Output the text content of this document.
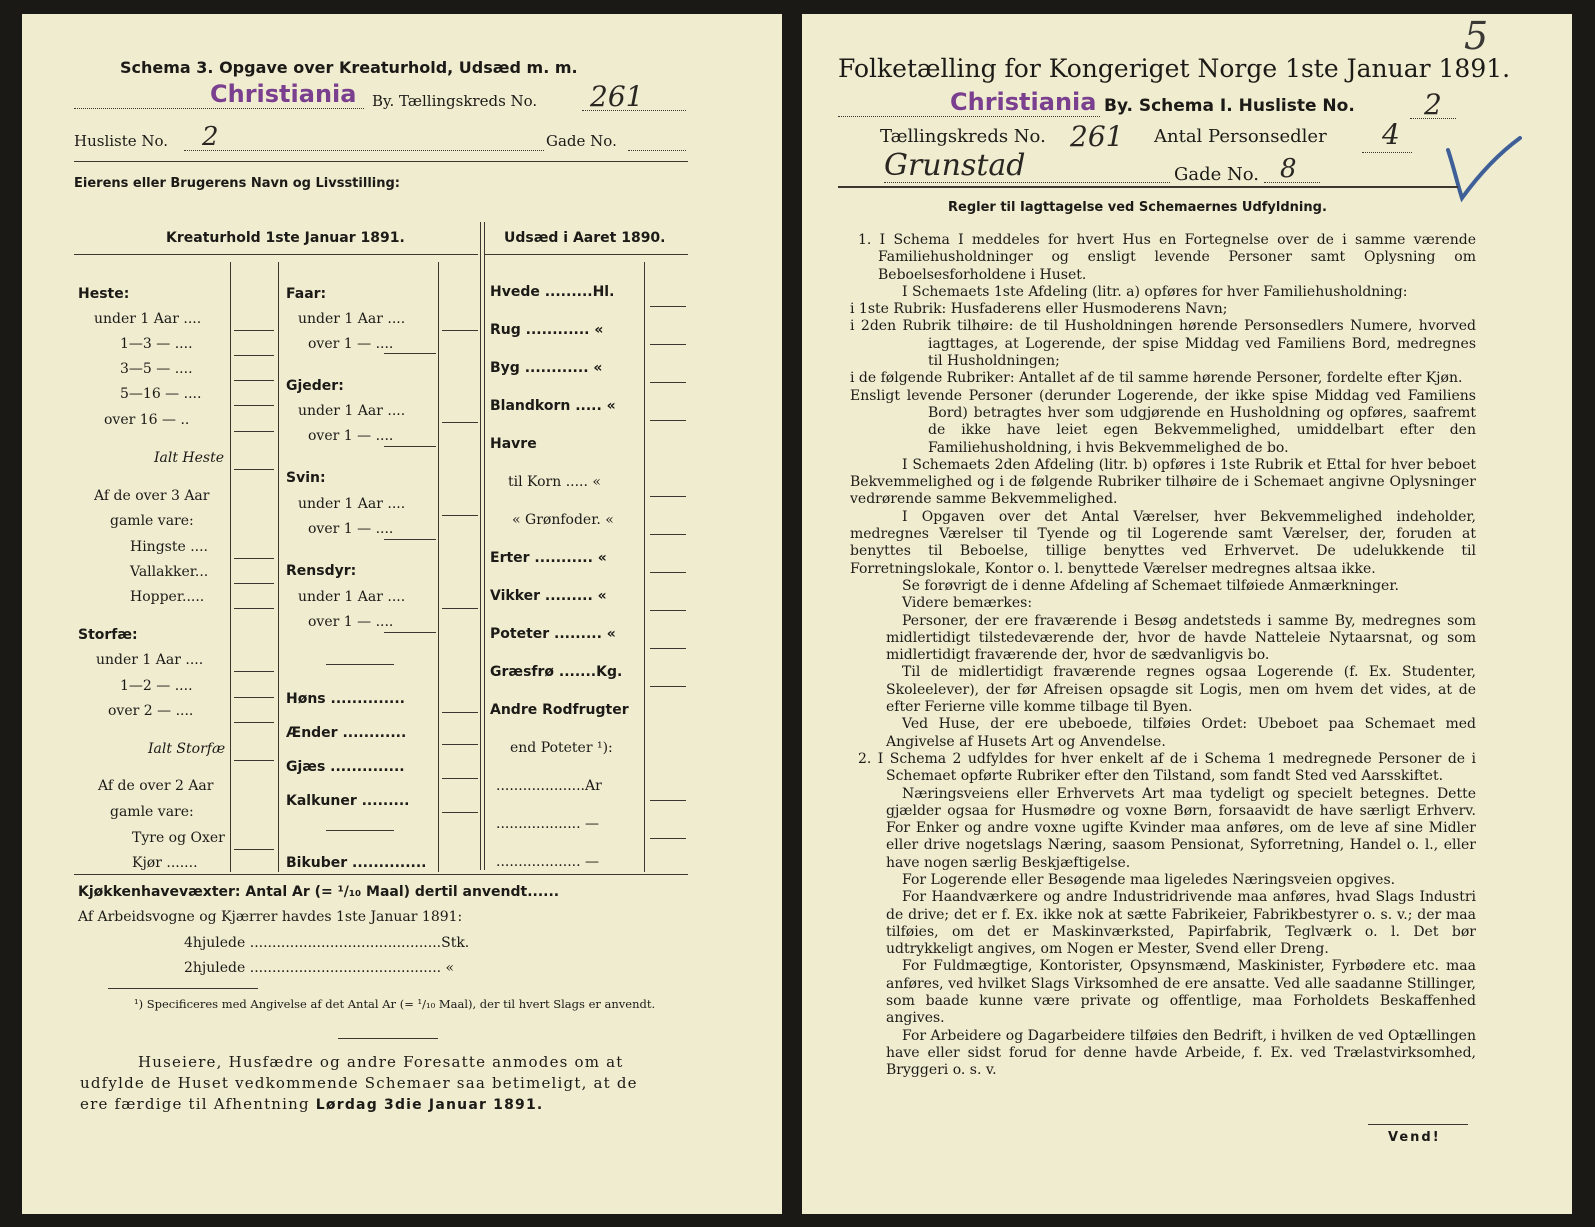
Schema 3. Opgave over Kreaturhold, Udsæd m. m.
Christiania By. Tællingskreds No. 261
Husliste No. 2	Gade No.
Eierens eller Brugerens Navn og Livsstilling:
Kreaturhold 1ste Januar 1891.	Udsæd i Aaret 1890.
Heste:
under 1 Aar ....
1—3 — ....
3—5 — ....
5—16 — ....
over 16 — ..
Ialt Heste
Af de over 3 Aar
gamle vare:
Hingste ....
Vallakker...
Hopper.....
Storfæ:
under 1 Aar ....
1—2 — ....
over 2 — ....
Ialt Storfæ
Af de over 2 Aar
gamle vare:
Tyre og Oxer
Kjør .......
Faar:
under 1 Aar ....
over 1 — ....
Gjeder:
under 1 Aar ....
over 1 — ....
Svin:
under 1 Aar ....
over 1 — ....
Rensdyr:
under 1 Aar ....
over 1 — ....
Høns ..............
Ænder ............
Gjæs ..............
Kalkuner .........
Bikuber ..............
Hvede .........Hl.
Rug ............ «
Byg ............ «
Blandkorn ..... «
Havre
til Korn ..... «
« Grønfoder. «
Erter ........... «
Vikker ......... «
Poteter ......... «
Græsfrø .......Kg.
Andre Rodfrugter
end Poteter ¹):
....................Ar
................... —
................... —
Kjøkkenhavevæxter: Antal Ar (= ¹/₁₀ Maal) dertil anvendt......
Af Arbeidsvogne og Kjærrer havdes 1ste Januar 1891:
4hjulede ...........................................Stk.
2hjulede ........................................... «
¹) Specificeres med Angivelse af det Antal Ar (= ¹/₁₀ Maal), der til hvert Slags er anvendt.
Huseiere, Husfædre og andre Foresatte anmodes om at
udfylde de Huset vedkommende Schemaer saa betimeligt, at de
ere færdige til Afhentning Lørdag 3die Januar 1891.
5
Folketælling for Kongeriget Norge 1ste Januar 1891.
Christiania By. Schema I. Husliste No. 2
Tællingskreds No. 261 Antal Personsedler 4
Grunstad	Gade No. 8
Regler til Iagttagelse ved Schemaernes Udfyldning.

1. I Schema I meddeles for hvert Hus en Fortegnelse over de i samme værende Familiehusholdninger og ensligt levende Personer samt Oplysning om Beboelsesforholdene i Huset.

I Schemaets 1ste Afdeling (litr. a) opføres for hver Familiehusholdning:

i 1ste Rubrik: Husfaderens eller Husmoderens Navn;

i 2den Rubrik tilhøire: de til Husholdningen hørende Personsedlers Numere, hvorved iagttages, at Logerende, der spise Middag ved Familiens Bord, medregnes til Husholdningen;

i de følgende Rubriker: Antallet af de til samme hørende Personer, fordelte efter Kjøn.

Ensligt levende Personer (derunder Logerende, der ikke spise Middag ved Familiens Bord) betragtes hver som udgjørende en Husholdning og opføres, saafremt de ikke have leiet egen Bekvemmelighed, umiddelbart efter den Familiehusholdning, i hvis Bekvemmelighed de bo.

I Schemaets 2den Afdeling (litr. b) opføres i 1ste Rubrik et Ettal for hver beboet Bekvemmelighed og i de følgende Rubriker tilhøire de i Schemaet angivne Oplysninger vedrørende samme Bekvemmelighed.

I Opgaven over det Antal Værelser, hver Bekvemmelighed indeholder, medregnes Værelser til Tyende og til Logerende samt Værelser, der, foruden at benyttes til Beboelse, tillige benyttes ved Erhvervet. De udelukkende til Forretningslokale, Kontor o. l. benyttede Værelser medregnes altsaa ikke.

Se forøvrigt de i denne Afdeling af Schemaet tilføiede Anmærkninger.

Videre bemærkes:

Personer, der ere fraværende i Besøg andetsteds i samme By, medregnes som midlertidigt tilstedeværende der, hvor de havde Natteleie Nytaarsnat, og som midlertidigt fraværende der, hvor de sædvanligvis bo.

Til de midlertidigt fraværende regnes ogsaa Logerende (f. Ex. Studenter, Skoleelever), der før Afreisen opsagde sit Logis, men om hvem det vides, at de efter Ferierne ville komme tilbage til Byen.

Ved Huse, der ere ubeboede, tilføies Ordet: Ubeboet paa Schemaet med Angivelse af Husets Art og Anvendelse.

2. I Schema 2 udfyldes for hver enkelt af de i Schema 1 medregnede Personer de i Schemaet opførte Rubriker efter den Tilstand, som fandt Sted ved Aarsskiftet.

Næringsveiens eller Erhvervets Art maa tydeligt og specielt betegnes. Dette gjælder ogsaa for Husmødre og voxne Børn, forsaavidt de have særligt Erhverv. For Enker og andre voxne ugifte Kvinder maa anføres, om de leve af sine Midler eller drive nogetslags Næring, saasom Pensionat, Syforretning, Handel o. l., eller have nogen særlig Beskjæftigelse.

For Logerende eller Besøgende maa ligeledes Næringsveien opgives.

For Haandværkere og andre Industridrivende maa anføres, hvad Slags Industri de drive; det er f. Ex. ikke nok at sætte Fabrikeier, Fabrikbestyrer o. s. v.; der maa tilføies, om det er Maskinværksted, Papirfabrik, Teglværk o. l. Det bør udtrykkeligt angives, om Nogen er Mester, Svend eller Dreng.

For Fuldmægtige, Kontorister, Opsynsmænd, Maskinister, Fyrbødere etc. maa anføres, ved hvilket Slags Virksomhed de ere ansatte. Ved alle saadanne Stillinger, som baade kunne være private og offentlige, maa Forholdets Beskaffenhed angives.

For Arbeidere og Dagarbeidere tilføies den Bedrift, i hvilken de ved Optællingen have eller sidst forud for denne havde Arbeide, f. Ex. ved Trælastvirksomhed, Bryggeri o. s. v.

Vend!
